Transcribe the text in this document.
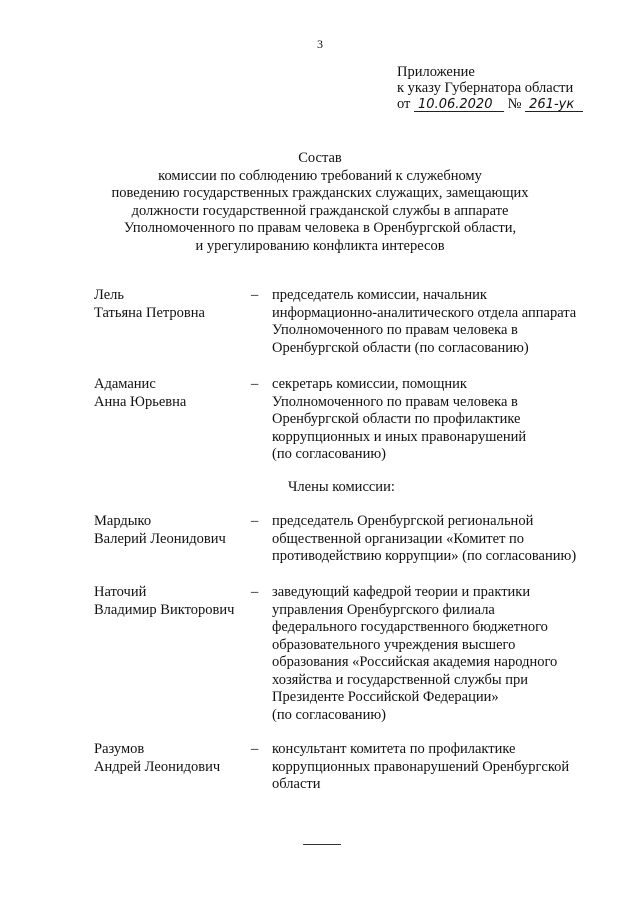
3
Приложение
к указу Губернатора области
от 10.06.2020 № 261-ук
Состав
комиссии по соблюдению требований к служебному
поведению государственных гражданских служащих, замещающих
должности государственной гражданской службы в аппарате
Уполномоченного по правам человека в Оренбургской области,
и урегулированию конфликта интересов
Лель
Татьяна Петровна
– председатель комиссии, начальник
информационно-аналитического отдела аппарата
Уполномоченного по правам человека в
Оренбургской области (по согласованию)
Адаманис
Анна Юрьевна
– секретарь комиссии, помощник
Уполномоченного по правам человека в
Оренбургской области по профилактике
коррупционных и иных правонарушений
(по согласованию)
Члены комиссии:
Мардыко
Валерий Леонидович
– председатель Оренбургской региональной
общественной организации «Комитет по
противодействию коррупции» (по согласованию)
Наточий
Владимир Викторович
– заведующий кафедрой теории и практики
управления Оренбургского филиала
федерального государственного бюджетного
образовательного учреждения высшего
образования «Российская академия народного
хозяйства и государственной службы при
Президенте Российской Федерации»
(по согласованию)
Разумов
Андрей Леонидович
– консультант комитета по профилактике
коррупционных правонарушений Оренбургской
области
